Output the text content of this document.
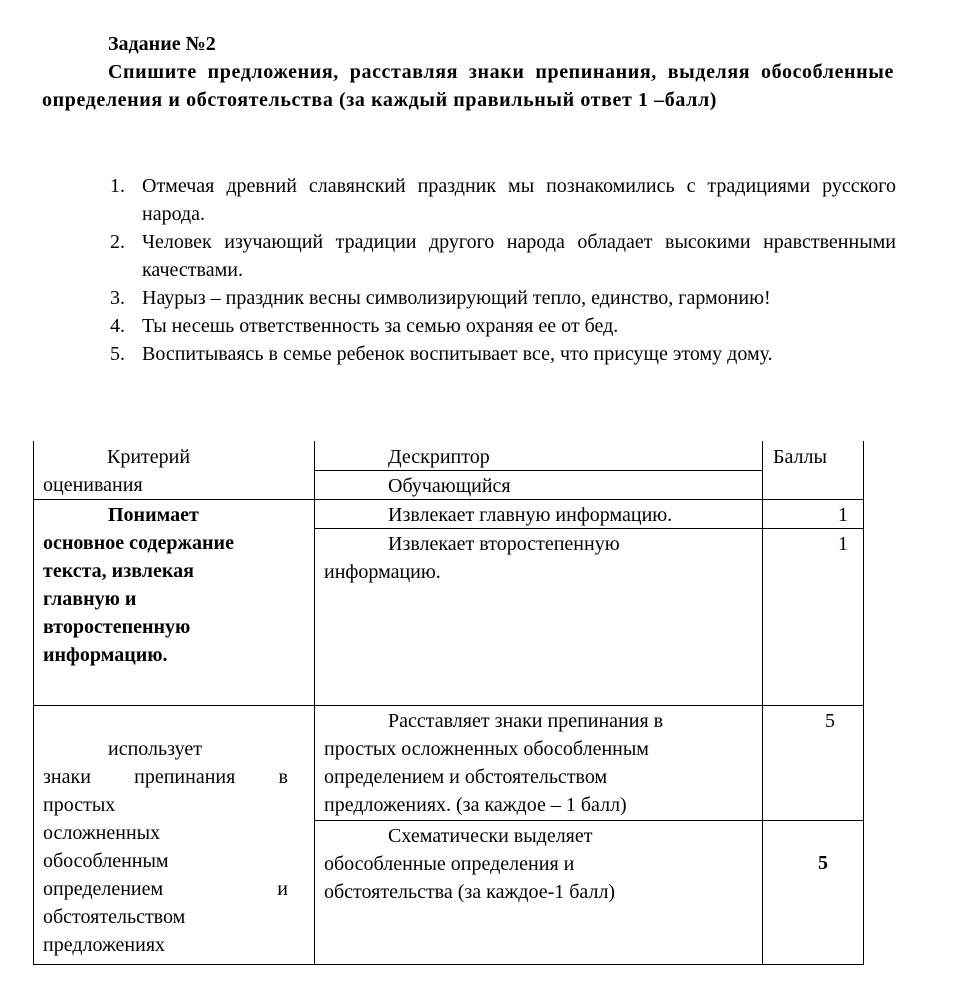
Задание №2
Спишите предложения, расставляя знаки препинания, выделяя обособленные определения и обстоятельства (за каждый правильный ответ 1 –балл)
1. Отмечая древний славянский праздник мы познакомились с традициями русского народа.
2. Человек изучающий традиции другого народа обладает высокими нравственными качествами.
3. Наурыз – праздник весны символизирующий тепло, единство, гармонию!
4. Ты несешь ответственность за семью охраняя ее от бед.
5. Воспитываясь в семье ребенок воспитывает все, что присуще этому дому.
Критерий
оценивания
Дескриптор
Обучающийся
Баллы
Понимает
основное содержание
текста, извлекая
главную и
второстепенную
информацию.
Извлекает главную информацию.	1
Извлекает второстепенную
информацию.
1
использует
знаки препинания в
простых
осложненных
обособленным
определением и
обстоятельством
предложениях
Расставляет знаки препинания в
простых осложненных обособленным
определением и обстоятельством
предложениях. (за каждое – 1 балл)
5
Схематически выделяет
обособленные определения и
обстоятельства (за каждое-1 балл)
5
